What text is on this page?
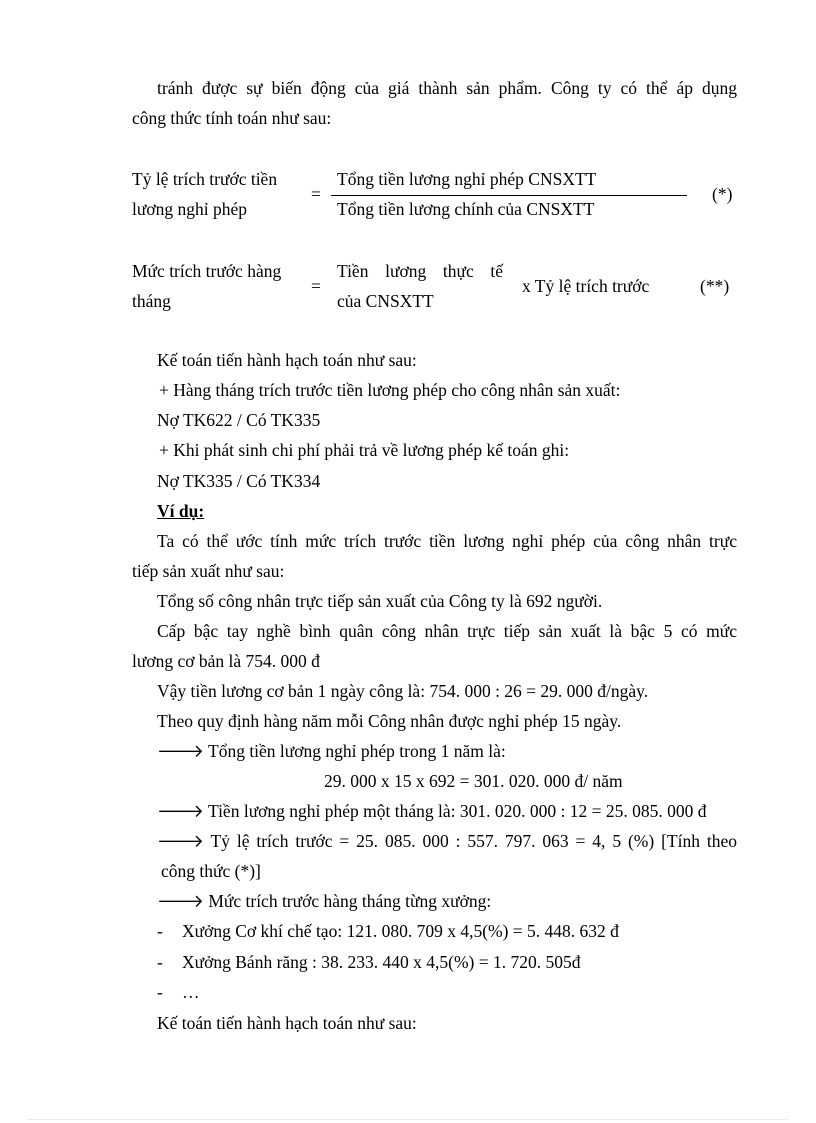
tránh được sự biến động của giá thành sản phẩm. Công ty có thể áp dụng
công thức tính toán như sau:
Tỷ lệ trích trước tiền
lương nghỉ phép
=
Tổng tiền lương nghỉ phép CNSXTT
Tổng tiền lương chính của CNSXTT
(*)
Mức trích trước hàng
tháng
=
Tiền lương thực tế
của CNSXTT
x Tỷ lệ trích trước	(**)
Kế toán tiến hành hạch toán như sau:
+ Hàng tháng trích trước tiền lương phép cho công nhân sản xuất:
Nợ TK622 / Có TK335
+ Khi phát sinh chi phí phải trả về lương phép kế toán ghi:
Nợ TK335 / Có TK334
Ví dụ:
Ta có thể ước tính mức trích trước tiền lương nghỉ phép của công nhân trực
tiếp sản xuất như sau:
Tổng số công nhân trực tiếp sản xuất của Công ty là 692 người.
Cấp bậc tay nghề bình quân công nhân trực tiếp sản xuất là bậc 5 có mức
lương cơ bản là 754. 000 đ
Vậy tiền lương cơ bản 1 ngày công là: 754. 000 : 26 = 29. 000 đ/ngày.
Theo quy định hàng năm mỗi Công nhân được nghỉ phép 15 ngày.
🡒 Tổng tiền lương nghỉ phép trong 1 năm là:
29. 000 x 15 x 692 = 301. 020. 000 đ/ năm
🡒 Tiền lương nghỉ phép một tháng là: 301. 020. 000 : 12 = 25. 085. 000 đ
🡒 Tỷ lệ trích trước = 25. 085. 000 : 557. 797. 063 = 4, 5 (%) [Tính theo
công thức (*)]
🡒 Mức trích trước hàng tháng từng xưởng:
- Xưởng Cơ khí chế tạo: 121. 080. 709 x 4,5(%) = 5. 448. 632 đ
- Xưởng Bánh răng : 38. 233. 440 x 4,5(%) = 1. 720. 505đ
- …
Kế toán tiến hành hạch toán như sau:
